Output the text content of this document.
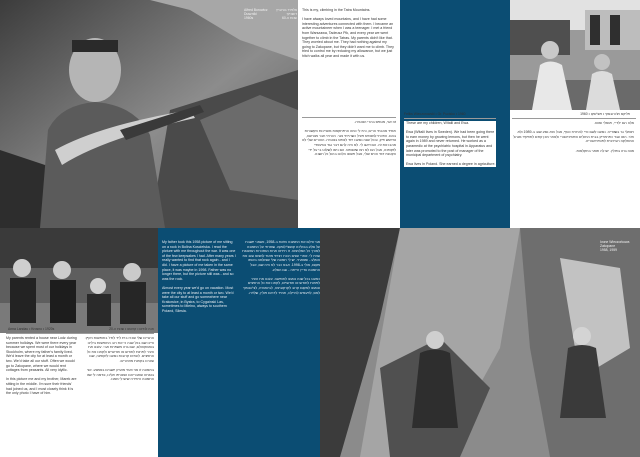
Alfred Borowicz
Duszniki
1960s
אלפרד בורוביץ
דושניקי
שנות ה-60
This is my, climbing in the Tatra Mountains.

I have always loved mountains, and I have had some interesting adventures connected with them. I became an active mountaineer when I was a teenager. I met a friend from Warszawa, Tadeusz Pik, and every year we went together to climb in the Tatras. My parents didn't like that. They worried about me. They had nothing against my going to Zakopane, but they didn't want me to climb. They tried to control me by reducing my allowance, but we just hitch walks all year and made it with us.
זה אני, מטפס בהרי הטטרה.

תמיד אהבתי הרים, והיו לי כמה הרפתקאות מעניינות הקשורות בהם. הפכתי למטפס פעיל כשהייתי נער. הכרתי חבר מוורשה, טדאוש פיק, ובכל שנה נסענו יחד לטפס בטטרה. ההורים שלי לא אהבו את זה. הם דאגו לי. לא היה להם דבר נגד נסיעותיי לזקופנה, אבל הם לא רצו שאטפס. הם ניסו לשלוט בי על ידי הקטנת דמי הכיס שלי, אבל פשוט הלכנו ברגל כל השנה.
Feliks Wieczorowski • Gr. Pucisko • 1960	פליקס ויצ'ורובסקי • פוצ'יסקו • 1960
These are my children, Witalii and Ewa.

Ewa (Witalii lives in Sweden). We had been going there to earn money by growing lemons, but then he went again in 1989 and never returned. He worked as a paramedic at the psychiatric hospital in Apparatus and later was promoted to the post of manager of the municipal department of psychiatry.

Ewa lives in Poland. She earned a degree in agriculture.
אלה הם ילדיי, ויטאלי ואווה.

ויטאלי גר בשוודיה. נסענו לשם כדי להרוויח כסף, אבל הוא נסע שוב ב-1989 ולא חזר. הוא עבד כפרמדיק בבית החולים הפסיכיאטרי ולאחר מכן קודם לתפקיד מנהל המחלקה העירונית לפסיכיאטריה.

אווה גרה בפולין. יש לה תואר בחקלאות.
Anna Landau • Krosno • 1920s	חנה לנדאו • קרוסנו • שנות ה-20
My parents rented a house near Lodz during summer holidays. We were there every year because we spent most of our holidays in Stockholm, where my father's family lived. We'd leave the city for at least a month or two. We'd take all our stuff. Often we would go to Zakopane, where we would rent cottages from peasants. All very idyllic.

In this picture me and my brother, Marek are sitting in the middle. I'm sure their friends' had joined us, and I most closely think it is the only photo I have of him.
ההורים שלי שכרו בית ליד לודז' בחופשות הקיץ. היינו שם בכל שנה כי את רוב החופשות בילינו בסטוקהולם, שם גרה משפחת אבי. עזבנו את העיר לפחות לחודש או חודשיים ולקחנו את כל החפצים. לעתים קרובות נסענו לזקופנה, שם שכרנו בקתות מאיכרים.

בתמונה זו אני ואחי מארק יושבים באמצע. אני בטוחה שחבריהם הצטרפו אלינו, ונדמה לי שזו התמונה היחידה שיש לי ממנו.
My father took this 1958 picture of me sitting on a rock in Bolina Koscielska. I read the picture with me throughout the war. It was one of the few keepsakes I had. After many years I really wanted to find that rock again - and I did. I have a picture of me taken in the same place, it was maybe in 1998. Father was no longer there, but the picture still was - and so was the rock.

Almost every year we'd go on vacation. Most were the city to at least a month or two. We'd take all our stuff and go somewhere near Krakowice, in Bystra, to Cygainski Las, sometimes to Mielno, always to southern Poland, Silesia.
אבי צילם את התמונה הזאת ב-1958, כשאני יושבת על סלע בבולינה קושצ'ילסקה. שמרתי על התמונה לאורך כל המלחמה. זו הייתה אחת המזכרות המעטות שהיו לי. אחרי שנים רבות רציתי מאוד למצוא שוב את הסלע - ומצאתי. יש לי תמונה שלי שצולמה באותו מקום, אולי ב-1998. אבא כבר לא היה שם, אבל התמונה עדיין הייתה - וגם הסלע.

כמעט בכל שנה נסענו לחופשה. עזבנו את העיר לפחות לחודש או חודשיים, לקחנו את כל החפצים ונסענו למקום קרוב לקרקוביצה, לביסטרה, לצ'יגנסקי לאס, לפעמים למיילנו, תמיד לדרום פולין, שלזיה.
Ivone Wieczorkowa
Zakopane
1958, 1959
